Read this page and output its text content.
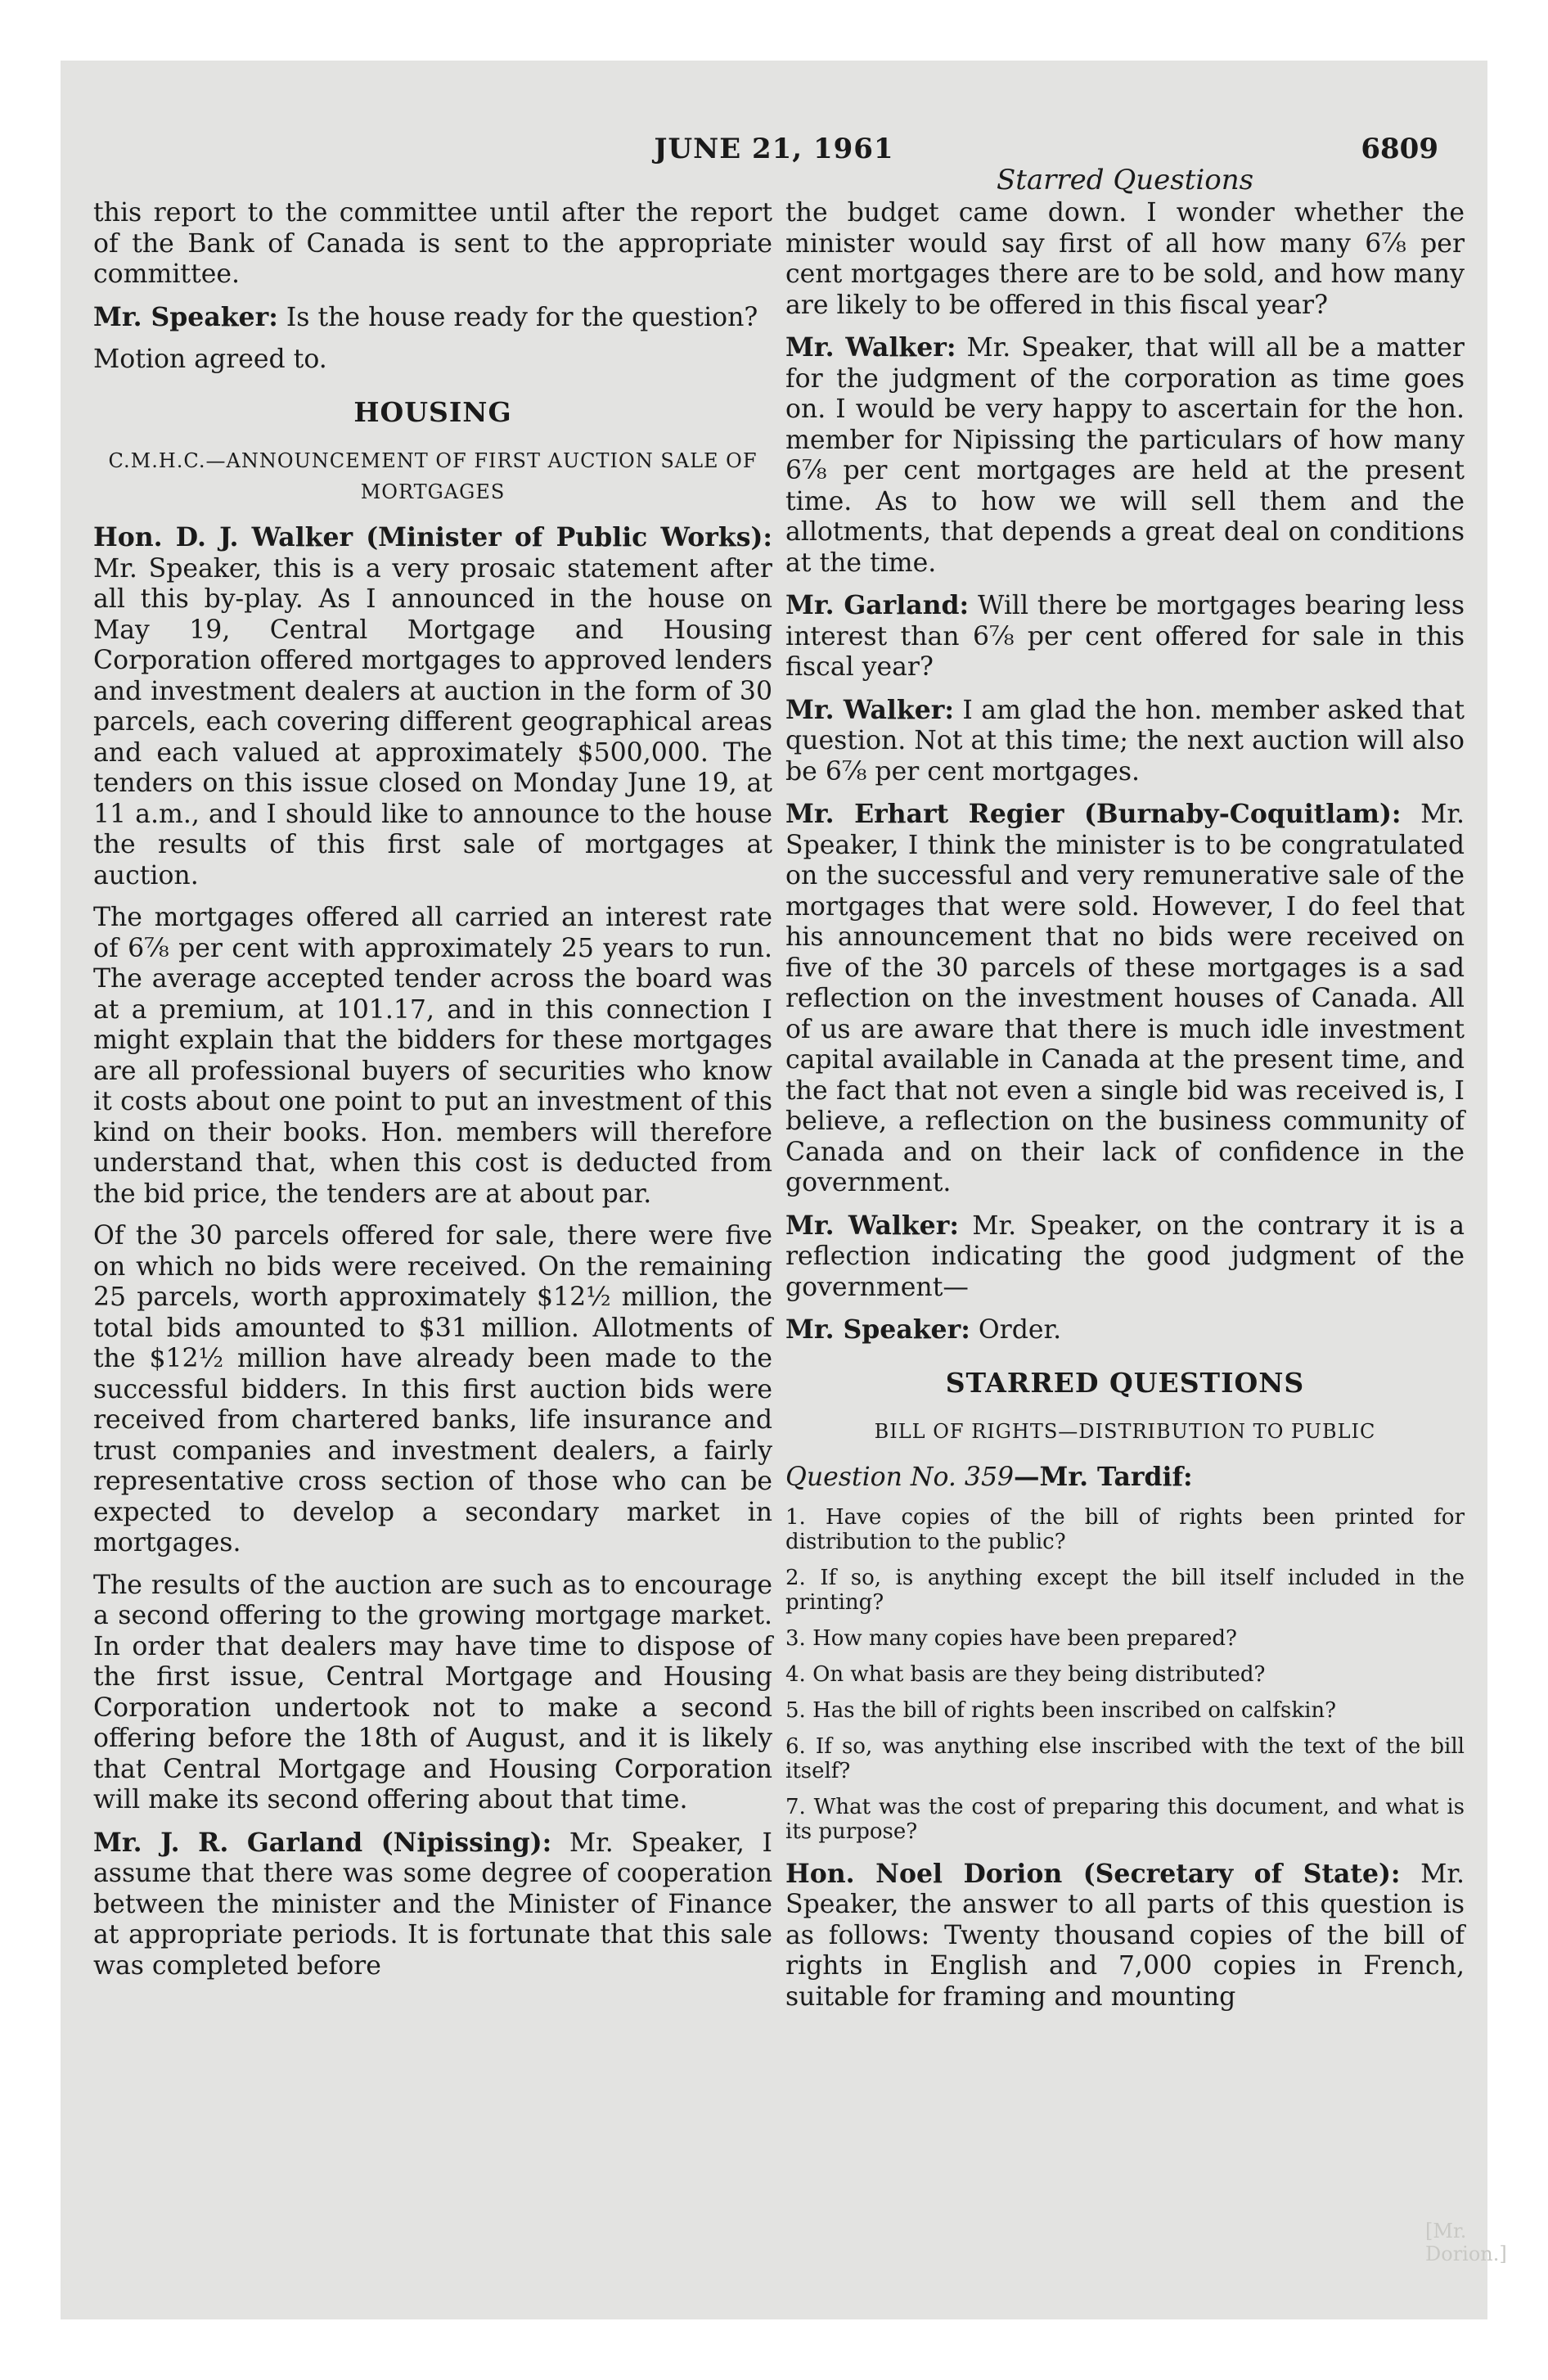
JUNE 21, 1961	6809
Starred Questions

this report to the committee until after the report of the Bank of Canada is sent to the appropriate committee.

Mr. Speaker: Is the house ready for the question?

Motion agreed to.

HOUSING
C.M.H.C.—ANNOUNCEMENT OF FIRST AUCTION SALE OF MORTGAGES

Hon. D. J. Walker (Minister of Public Works): Mr. Speaker, this is a very prosaic statement after all this by-play. As I announced in the house on May 19, Central Mortgage and Housing Corporation offered mortgages to approved lenders and investment dealers at auction in the form of 30 parcels, each covering different geographical areas and each valued at approximately $500,000. The tenders on this issue closed on Monday June 19, at 11 a.m., and I should like to announce to the house the results of this first sale of mortgages at auction.

The mortgages offered all carried an interest rate of 6⅞ per cent with approximately 25 years to run. The average accepted tender across the board was at a premium, at 101.17, and in this connection I might explain that the bidders for these mortgages are all professional buyers of securities who know it costs about one point to put an investment of this kind on their books. Hon. members will therefore understand that, when this cost is deducted from the bid price, the tenders are at about par.

Of the 30 parcels offered for sale, there were five on which no bids were received. On the remaining 25 parcels, worth approximately $12½ million, the total bids amounted to $31 million. Allotments of the $12½ million have already been made to the successful bidders. In this first auction bids were received from chartered banks, life insurance and trust companies and investment dealers, a fairly representative cross section of those who can be expected to develop a secondary market in mortgages.

The results of the auction are such as to encourage a second offering to the growing mortgage market. In order that dealers may have time to dispose of the first issue, Central Mortgage and Housing Corporation undertook not to make a second offering before the 18th of August, and it is likely that Central Mortgage and Housing Corporation will make its second offering about that time.

Mr. J. R. Garland (Nipissing): Mr. Speaker, I assume that there was some degree of cooperation between the minister and the Minister of Finance at appropriate periods. It is fortunate that this sale was completed before

the budget came down. I wonder whether the minister would say first of all how many 6⅞ per cent mortgages there are to be sold, and how many are likely to be offered in this fiscal year?

Mr. Walker: Mr. Speaker, that will all be a matter for the judgment of the corporation as time goes on. I would be very happy to ascertain for the hon. member for Nipissing the particulars of how many 6⅞ per cent mortgages are held at the present time. As to how we will sell them and the allotments, that depends a great deal on conditions at the time.

Mr. Garland: Will there be mortgages bearing less interest than 6⅞ per cent offered for sale in this fiscal year?

Mr. Walker: I am glad the hon. member asked that question. Not at this time; the next auction will also be 6⅞ per cent mortgages.

Mr. Erhart Regier (Burnaby-Coquitlam): Mr. Speaker, I think the minister is to be congratulated on the successful and very remunerative sale of the mortgages that were sold. However, I do feel that his announcement that no bids were received on five of the 30 parcels of these mortgages is a sad reflection on the investment houses of Canada. All of us are aware that there is much idle investment capital available in Canada at the present time, and the fact that not even a single bid was received is, I believe, a reflection on the business community of Canada and on their lack of confidence in the government.

Mr. Walker: Mr. Speaker, on the contrary it is a reflection indicating the good judgment of the government—

Mr. Speaker: Order.

STARRED QUESTIONS
BILL OF RIGHTS—DISTRIBUTION TO PUBLIC

Question No. 359—Mr. Tardif:

1. Have copies of the bill of rights been printed for distribution to the public?

2. If so, is anything except the bill itself included in the printing?

3. How many copies have been prepared?

4. On what basis are they being distributed?

5. Has the bill of rights been inscribed on calfskin?

6. If so, was anything else inscribed with the text of the bill itself?

7. What was the cost of preparing this document, and what is its purpose?

Hon. Noel Dorion (Secretary of State): Mr. Speaker, the answer to all parts of this question is as follows: Twenty thousand copies of the bill of rights in English and 7,000 copies in French, suitable for framing and mounting

[Mr. Dorion.]
